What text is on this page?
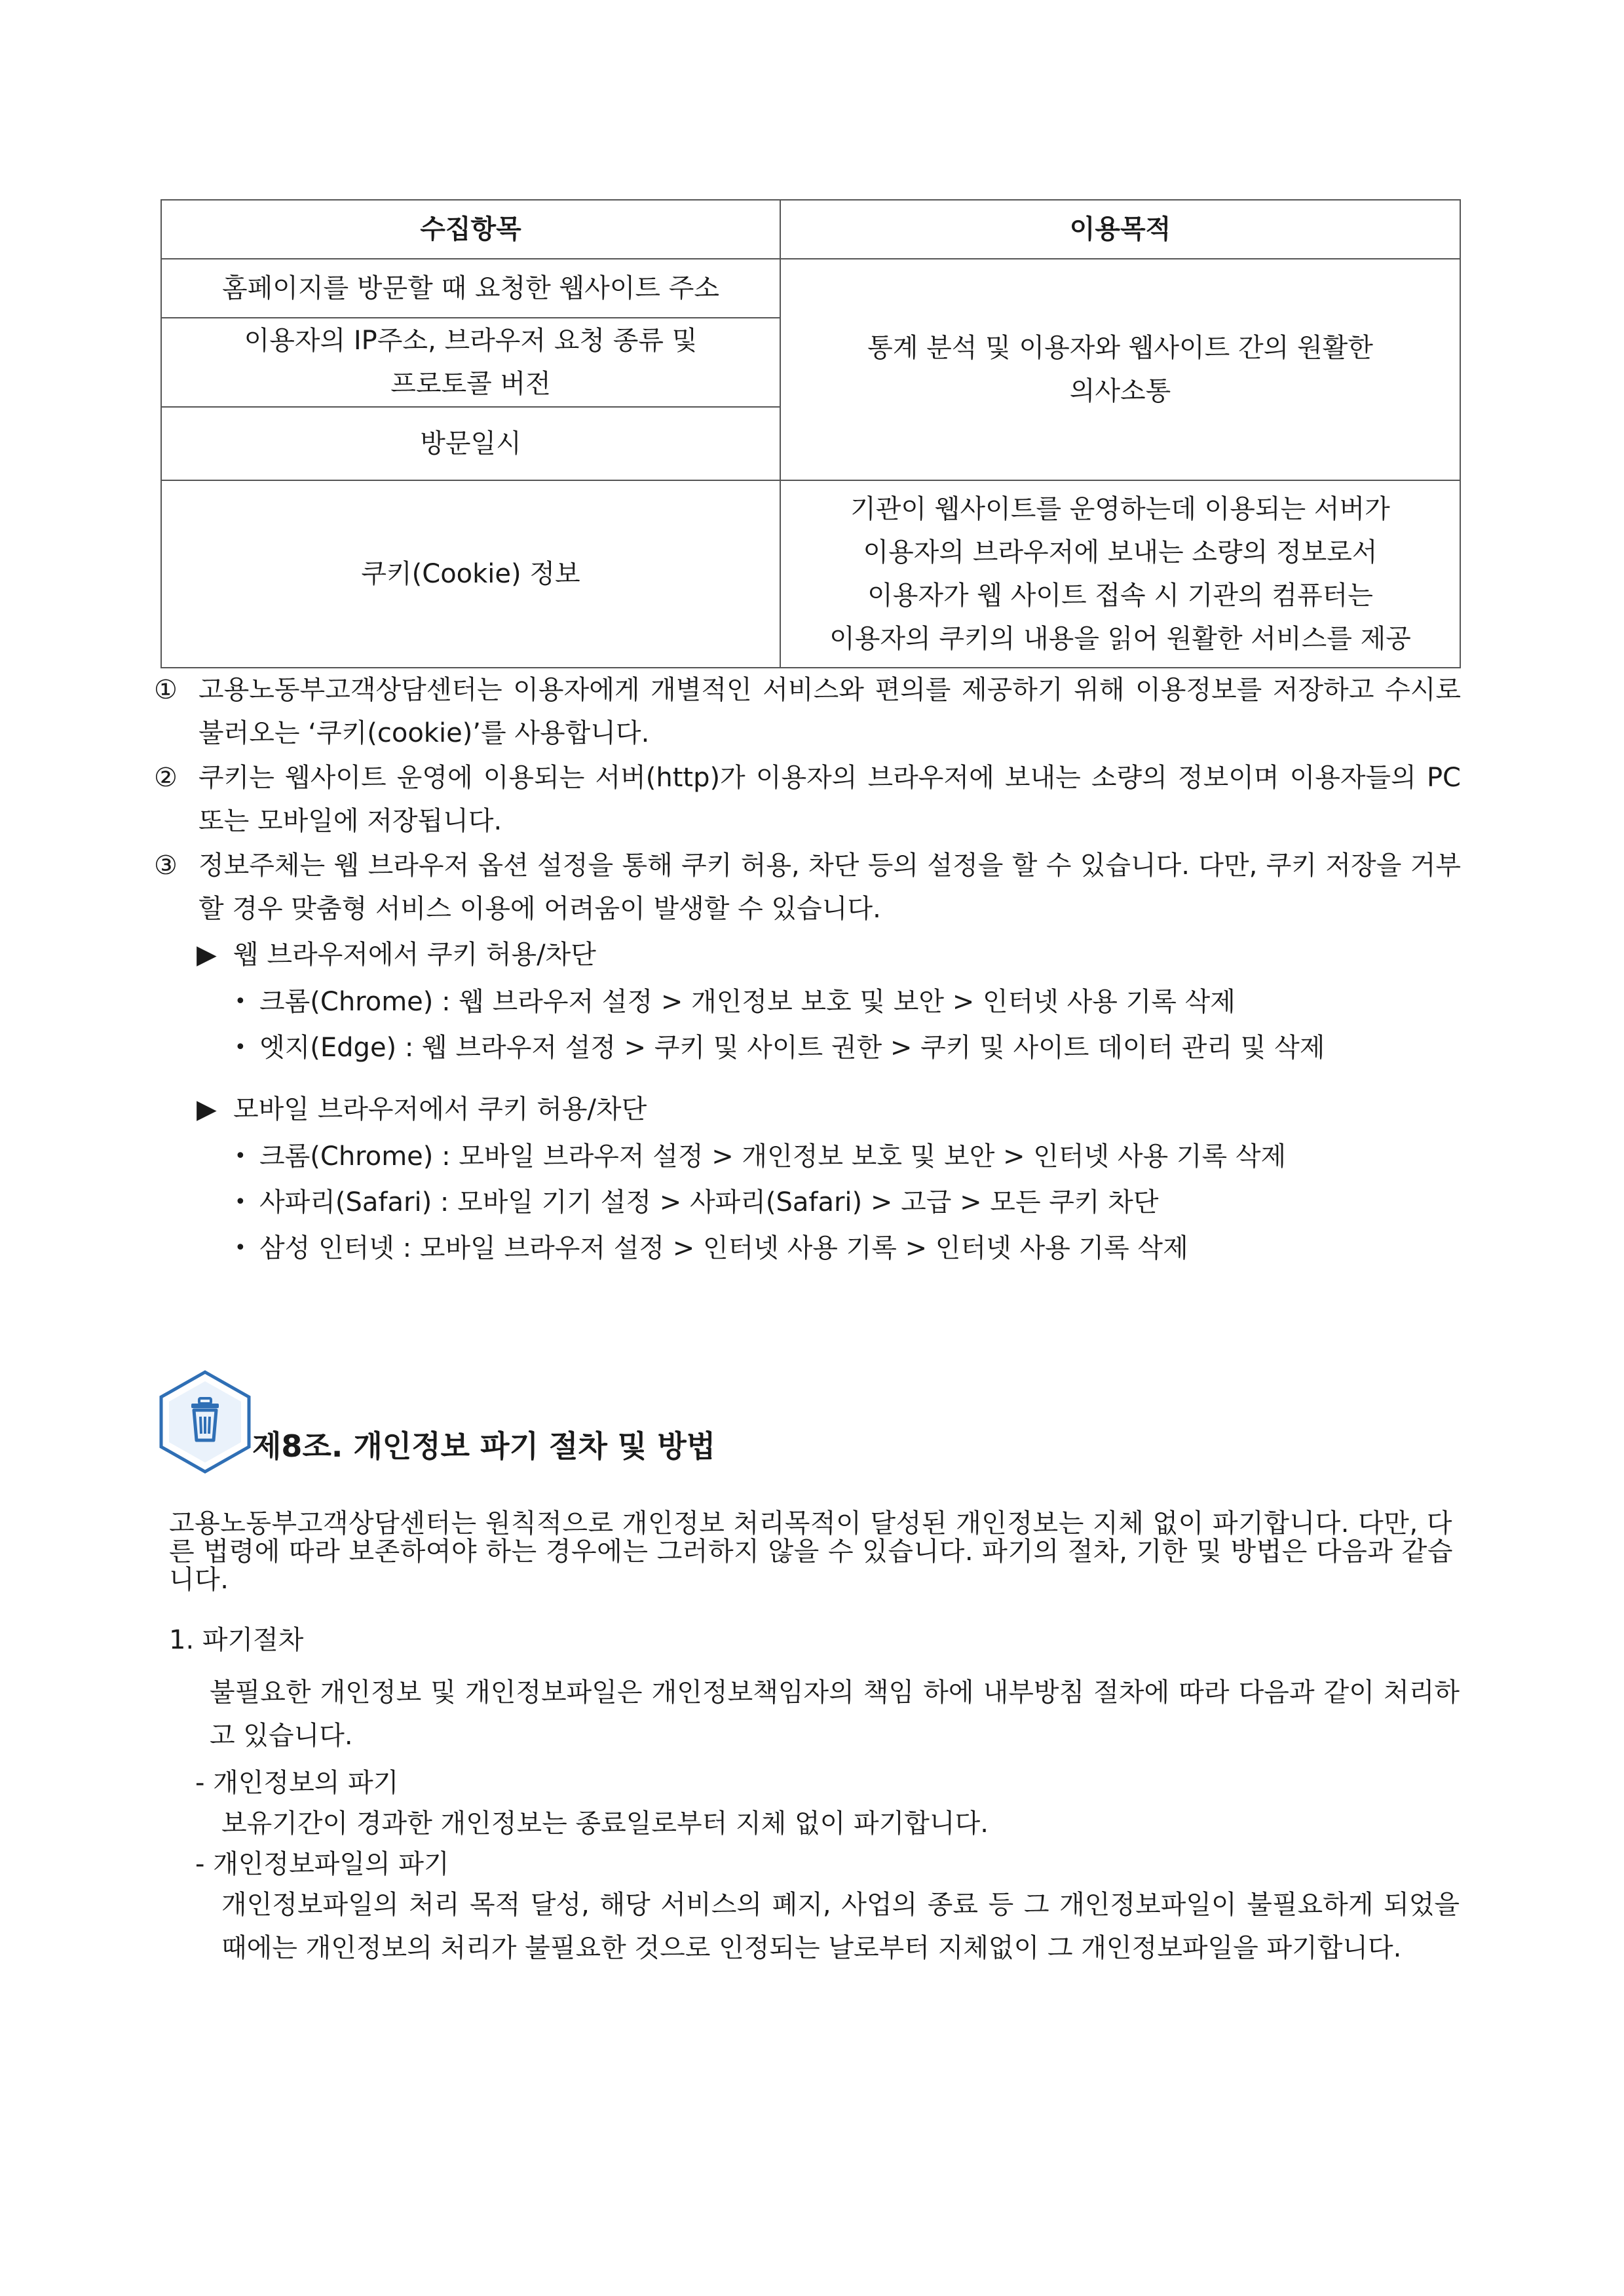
수집항목	이용목적
홈페이지를 방문할 때 요청한 웹사이트 주소	통계 분석 및 이용자와 웹사이트 간의 원활한
의사소통

이용자의 IP주소, 브라우저 요청 종류 및
프로토콜 버전	

방문일시	
쿠키(Cookie) 정보	기관이 웹사이트를 운영하는데 이용되는 서버가
이용자의 브라우저에 보내는 소량의 정보로서
이용자가 웹 사이트 접속 시 기관의 컴퓨터는
이용자의 쿠키의 내용을 읽어 원활한 서비스를 제공
① 고용노동부고객상담센터는 이용자에게 개별적인 서비스와 편의를 제공하기 위해 이용정보를 저장하고 수시로 불러오는 ‘쿠키(cookie)’를 사용합니다.
② 쿠키는 웹사이트 운영에 이용되는 서버(http)가 이용자의 브라우저에 보내는 소량의 정보이며 이용자들의 PC 또는 모바일에 저장됩니다.
③ 정보주체는 웹 브라우저 옵션 설정을 통해 쿠키 허용, 차단 등의 설정을 할 수 있습니다. 다만, 쿠키 저장을 거부할 경우 맞춤형 서비스 이용에 어려움이 발생할 수 있습니다.
▶ 웹 브라우저에서 쿠키 허용/차단
• 크롬(Chrome) : 웹 브라우저 설정 > 개인정보 보호 및 보안 > 인터넷 사용 기록 삭제
• 엣지(Edge) : 웹 브라우저 설정 > 쿠키 및 사이트 권한 > 쿠키 및 사이트 데이터 관리 및 삭제
▶ 모바일 브라우저에서 쿠키 허용/차단
• 크롬(Chrome) : 모바일 브라우저 설정 > 개인정보 보호 및 보안 > 인터넷 사용 기록 삭제
• 사파리(Safari) : 모바일 기기 설정 > 사파리(Safari) > 고급 > 모든 쿠키 차단
• 삼성 인터넷 : 모바일 브라우저 설정 > 인터넷 사용 기록 > 인터넷 사용 기록 삭제
제8조. 개인정보 파기 절차 및 방법
고용노동부고객상담센터는 원칙적으로 개인정보 처리목적이 달성된 개인정보는 지체 없이 파기합니다. 다만, 다른 법령에 따라 보존하여야 하는 경우에는 그러하지 않을 수 있습니다. 파기의 절차, 기한 및 방법은 다음과 같습니다.
1. 파기절차
불필요한 개인정보 및 개인정보파일은 개인정보책임자의 책임 하에 내부방침 절차에 따라 다음과 같이 처리하고 있습니다.
- 개인정보의 파기
보유기간이 경과한 개인정보는 종료일로부터 지체 없이 파기합니다.
- 개인정보파일의 파기
개인정보파일의 처리 목적 달성, 해당 서비스의 폐지, 사업의 종료 등 그 개인정보파일이 불필요하게 되었을 때에는 개인정보의 처리가 불필요한 것으로 인정되는 날로부터 지체없이 그 개인정보파일을 파기합니다.
